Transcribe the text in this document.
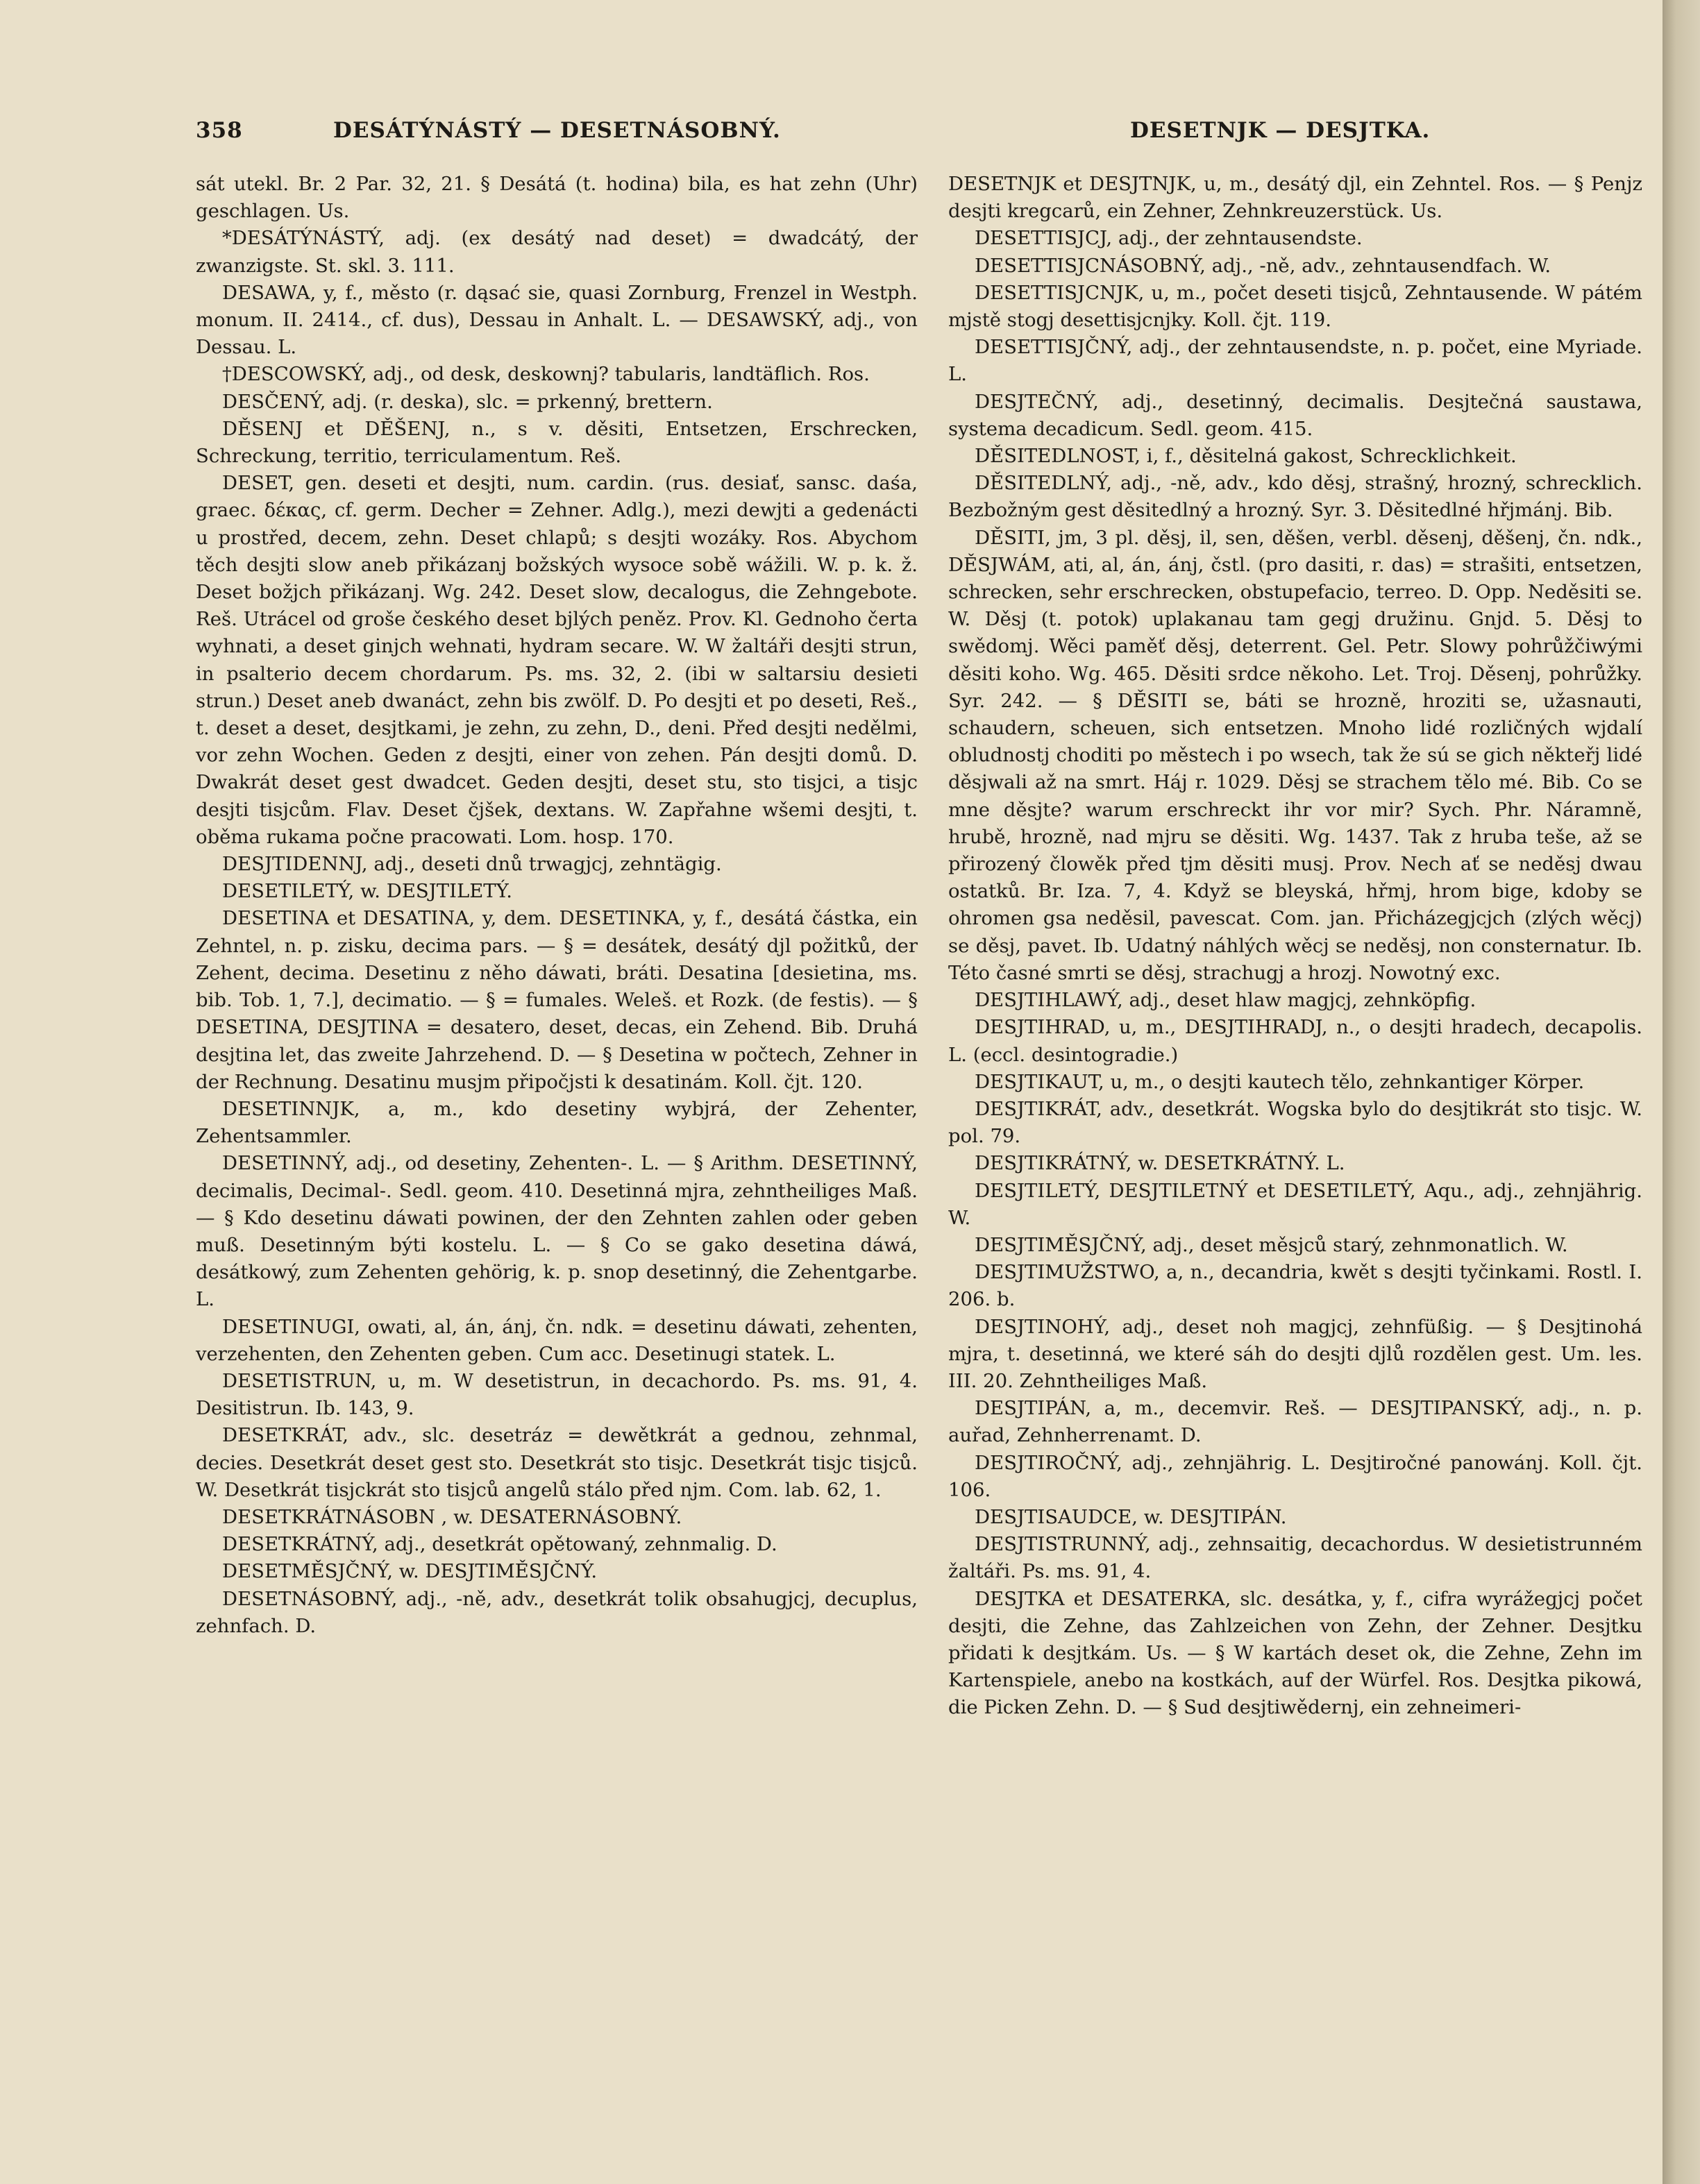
358	DESÁTÝNÁSTÝ — DESETNÁSOBNÝ.	DESETNJK — DESJTKA.

sát utekl. Br. 2 Par. 32, 21. § Desátá (t. hodina) bila, es hat zehn (Uhr) geschlagen. Us.

*DESÁTÝNÁSTÝ, adj. (ex desátý nad deset) = dwadcátý, der zwanzigste. St. skl. 3. 111.

DESAWA, y, f., město (r. dąsać sie, quasi Zornburg, Frenzel in Westph. monum. II. 2414., cf. dus), Dessau in Anhalt. L. — DESAWSKÝ, adj., von Dessau. L.

†DESCOWSKÝ, adj., od desk, deskownj? tabularis, landtäflich. Ros.

DESČENÝ, adj. (r. deska), slc. = prkenný, brettern.

DĚSENJ et DĚŠENJ, n., s v. děsiti, Entsetzen, Erschrecken, Schreckung, territio, terriculamentum. Reš.

DESET, gen. deseti et desjti, num. cardin. (rus. desiať, sansc. daśa, graec. δέκας, cf. germ. Decher = Zehner. Adlg.), mezi dewjti a gedenácti u prostřed, decem, zehn. Deset chlapů; s desjti wozáky. Ros. Abychom těch desjti slow aneb přikázanj božských wysoce sobě wážili. W. p. k. ž. Deset božjch přikázanj. Wg. 242. Deset slow, decalogus, die Zehngebote. Reš. Utrácel od groše českého deset bjlých peněz. Prov. Kl. Gednoho čerta wyhnati, a deset ginjch wehnati, hydram secare. W. W žaltáři desjti strun, in psalterio decem chordarum. Ps. ms. 32, 2. (ibi w saltarsiu desieti strun.) Deset aneb dwanáct, zehn bis zwölf. D. Po desjti et po deseti, Reš., t. deset a deset, desjtkami, je zehn, zu zehn, D., deni. Před desjti nedělmi, vor zehn Wochen. Geden z desjti, einer von zehen. Pán desjti domů. D. Dwakrát deset gest dwadcet. Geden desjti, deset stu, sto tisjci, a tisjc desjti tisjcům. Flav. Deset čjšek, dextans. W. Zapřahne wšemi desjti, t. oběma rukama počne pracowati. Lom. hosp. 170.

DESJTIDENNJ, adj., deseti dnů trwagjcj, zehntägig.

DESETILETÝ, w. DESJTILETÝ.

DESETINA et DESATINA, y, dem. DESETINKA, y, f., desátá částka, ein Zehntel, n. p. zisku, decima pars. — § = desátek, desátý djl požitků, der Zehent, decima. Desetinu z něho dáwati, bráti. Desatina [desietina, ms. bib. Tob. 1, 7.], decimatio. — § = fumales. Weleš. et Rozk. (de festis). — § DESETINA, DESJTINA = desatero, deset, decas, ein Zehend. Bib. Druhá desjtina let, das zweite Jahrzehend. D. — § Desetina w počtech, Zehner in der Rechnung. Desatinu musjm připočjsti k desatinám. Koll. čjt. 120.

DESETINNJK, a, m., kdo desetiny wybjrá, der Zehenter, Zehentsammler.

DESETINNÝ, adj., od desetiny, Zehenten-. L. — § Arithm. DESETINNÝ, decimalis, Decimal-. Sedl. geom. 410. Desetinná mjra, zehntheiliges Maß. — § Kdo desetinu dáwati powinen, der den Zehnten zahlen oder geben muß. Desetinným býti kostelu. L. — § Co se gako desetina dáwá, desátkowý, zum Zehenten gehörig, k. p. snop desetinný, die Zehentgarbe. L.

DESETINUGI, owati, al, án, ánj, čn. ndk. = desetinu dáwati, zehenten, verzehenten, den Zehenten geben. Cum acc. Desetinugi statek. L.

DESETISTRUN, u, m. W desetistrun, in decachordo. Ps. ms. 91, 4. Desitistrun. Ib. 143, 9.

DESETKRÁT, adv., slc. desetráz = dewětkrát a gednou, zehnmal, decies. Desetkrát deset gest sto. Desetkrát sto tisjc. Desetkrát tisjc tisjců. W. Desetkrát tisjckrát sto tisjců angelů stálo před njm. Com. lab. 62, 1.

DESETKRÁTNÁSOBN , w. DESATERNÁSOBNÝ.

DESETKRÁTNÝ, adj., desetkrát opětowaný, zehnmalig. D.

DESETMĚSJČNÝ, w. DESJTIMĚSJČNÝ.

DESETNÁSOBNÝ, adj., -ně, adv., desetkrát tolik obsahugjcj, decuplus, zehnfach. D.

DESETNJK et DESJTNJK, u, m., desátý djl, ein Zehntel. Ros. — § Penjz desjti kregcarů, ein Zehner, Zehnkreuzerstück. Us.

DESETTISJCJ, adj., der zehntausendste.

DESETTISJCNÁSOBNÝ, adj., -ně, adv., zehntausendfach. W.

DESETTISJCNJK, u, m., počet deseti tisjců, Zehntausende. W pátém mjstě stogj desettisjcnjky. Koll. čjt. 119.

DESETTISJČNÝ, adj., der zehntausendste, n. p. počet, eine Myriade. L.

DESJTEČNÝ, adj., desetinný, decimalis. Desjtečná saustawa, systema decadicum. Sedl. geom. 415.

DĚSITEDLNOST, i, f., děsitelná gakost, Schrecklichkeit.

DĚSITEDLNÝ, adj., -ně, adv., kdo děsj, strašný, hrozný, schrecklich. Bezbožným gest děsitedlný a hrozný. Syr. 3. Děsitedlné hřjmánj. Bib.

DĚSITI, jm, 3 pl. děsj, il, sen, děšen, verbl. děsenj, děšenj, čn. ndk., DĚSJWÁM, ati, al, án, ánj, čstl. (pro dasiti, r. das) = strašiti, entsetzen, schrecken, sehr erschrecken, obstupefacio, terreo. D. Opp. Neděsiti se. W. Děsj (t. potok) uplakanau tam gegj družinu. Gnjd. 5. Děsj to swědomj. Wěci paměť děsj, deterrent. Gel. Petr. Slowy pohrůžčiwými děsiti koho. Wg. 465. Děsiti srdce někoho. Let. Troj. Děsenj, pohrůžky. Syr. 242. — § DĚSITI se, báti se hrozně, hroziti se, užasnauti, schaudern, scheuen, sich entsetzen. Mnoho lidé rozličných wjdalí obludnostj choditi po městech i po wsech, tak že sú se gich někteřj lidé děsjwali až na smrt. Háj r. 1029. Děsj se strachem tělo mé. Bib. Co se mne děsjte? warum erschreckt ihr vor mir? Sych. Phr. Náramně, hrubě, hrozně, nad mjru se děsiti. Wg. 1437. Tak z hruba teše, až se přirozený člowěk před tjm děsiti musj. Prov. Nech ať se neděsj dwau ostatků. Br. Iza. 7, 4. Když se bleyská, hřmj, hrom bige, kdoby se ohromen gsa neděsil, pavescat. Com. jan. Přicházegjcjch (zlých wěcj) se děsj, pavet. Ib. Udatný náhlých wěcj se neděsj, non consternatur. Ib. Této časné smrti se děsj, strachugj a hrozj. Nowotný exc.

DESJTIHLAWÝ, adj., deset hlaw magjcj, zehnköpfig.

DESJTIHRAD, u, m., DESJTIHRADJ, n., o desjti hradech, decapolis. L. (eccl. desintogradie.)

DESJTIKAUT, u, m., o desjti kautech tělo, zehnkantiger Körper.

DESJTIKRÁT, adv., desetkrát. Wogska bylo do desjtikrát sto tisjc. W. pol. 79.

DESJTIKRÁTNÝ, w. DESETKRÁTNÝ. L.

DESJTILETÝ, DESJTILETNÝ et DESETILETÝ, Aqu., adj., zehnjährig. W.

DESJTIMĚSJČNÝ, adj., deset měsjců starý, zehnmonatlich. W.

DESJTIMUŽSTWO, a, n., decandria, kwět s desjti tyčinkami. Rostl. I. 206. b.

DESJTINOHÝ, adj., deset noh magjcj, zehnfüßig. — § Desjtinohá mjra, t. desetinná, we které sáh do desjti djlů rozdělen gest. Um. les. III. 20. Zehntheiliges Maß.

DESJTIPÁN, a, m., decemvir. Reš. — DESJTIPANSKÝ, adj., n. p. auřad, Zehnherrenamt. D.

DESJTIROČNÝ, adj., zehnjährig. L. Desjtiročné panowánj. Koll. čjt. 106.

DESJTISAUDCE, w. DESJTIPÁN.

DESJTISTRUNNÝ, adj., zehnsaitig, decachordus. W desietistrunném žaltáři. Ps. ms. 91, 4.

DESJTKA et DESATERKA, slc. desátka, y, f., cifra wyrážegjcj počet desjti, die Zehne, das Zahlzeichen von Zehn, der Zehner. Desjtku přidati k desjtkám. Us. — § W kartách deset ok, die Zehne, Zehn im Kartenspiele, anebo na kostkách, auf der Würfel. Ros. Desjtka pikowá, die Picken Zehn. D. — § Sud desjtiwědernj, ein zehneimeri-
